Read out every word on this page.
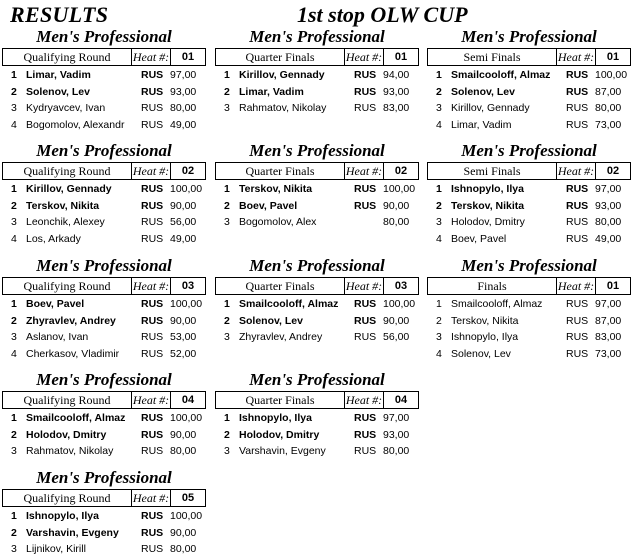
RESULTS	1st stop OLW CUP
Men's Professional
Qualifying Round	Heat #:	01
1 Limar, Vadim	RUS 97,00
2 Solenov, Lev	RUS 93,00
3 Kydryavcev, Ivan	RUS 80,00
4 Bogomolov, Alexandr RUS 49,00
Men's Professional
Qualifying Round	Heat #:	02
1 Kirillov, Gennady	RUS 100,00
2 Terskov, Nikita	RUS 90,00
3 Leonchik, Alexey	RUS 56,00
4 Los, Arkady	RUS 49,00
Men's Professional
Qualifying Round	Heat #:	03
1 Boev, Pavel	RUS 100,00
2 Zhyravlev, Andrey RUS 90,00
3 Aslanov, Ivan	RUS 53,00
4 Cherkasov, Vladimir RUS 52,00
Men's Professional
Qualifying Round	Heat #:	04
1 Smailcooloff, Almaz RUS 100,00
2 Holodov, Dmitry	RUS 90,00
3 Rahmatov, Nikolay	RUS 80,00
Men's Professional
Qualifying Round	Heat #:	05
1 Ishnopylo, Ilya	RUS 100,00
2 Varshavin, Evgeny RUS 90,00
3 Lijnikov, Kirill	RUS 80,00
Men's Professional
Quarter Finals	Heat #:	01
1 Kirillov, Gennady	RUS 94,00
2 Limar, Vadim	RUS 93,00
3 Rahmatov, Nikolay	RUS 83,00
Men's Professional
Quarter Finals	Heat #:	02
1 Terskov, Nikita	RUS 100,00
2 Boev, Pavel	RUS 90,00
3 Bogomolov, Alex	80,00
Men's Professional
Quarter Finals	Heat #:	03
1 Smailcooloff, Almaz RUS 100,00
2 Solenov, Lev	RUS 90,00
3 Zhyravlev, Andrey	RUS 56,00
Men's Professional
Quarter Finals	Heat #:	04
1 Ishnopylo, Ilya	RUS 97,00
2 Holodov, Dmitry	RUS 93,00
3 Varshavin, Evgeny	RUS 80,00
Men's Professional
Semi Finals	Heat #:	01
1 Smailcooloff, Almaz RUS 100,00
2 Solenov, Lev	RUS 87,00
3 Kirillov, Gennady	RUS 80,00
4 Limar, Vadim	RUS 73,00
Men's Professional
Semi Finals	Heat #:	02
1 Ishnopylo, Ilya	RUS 97,00
2 Terskov, Nikita	RUS 93,00
3 Holodov, Dmitry	RUS 80,00
4 Boev, Pavel	RUS 49,00
Men's Professional
Finals	Heat #:	01
1 Smailcooloff, Almaz RUS 97,00
2 Terskov, Nikita	RUS 87,00
3 Ishnopylo, Ilya	RUS 83,00
4 Solenov, Lev	RUS 73,00
